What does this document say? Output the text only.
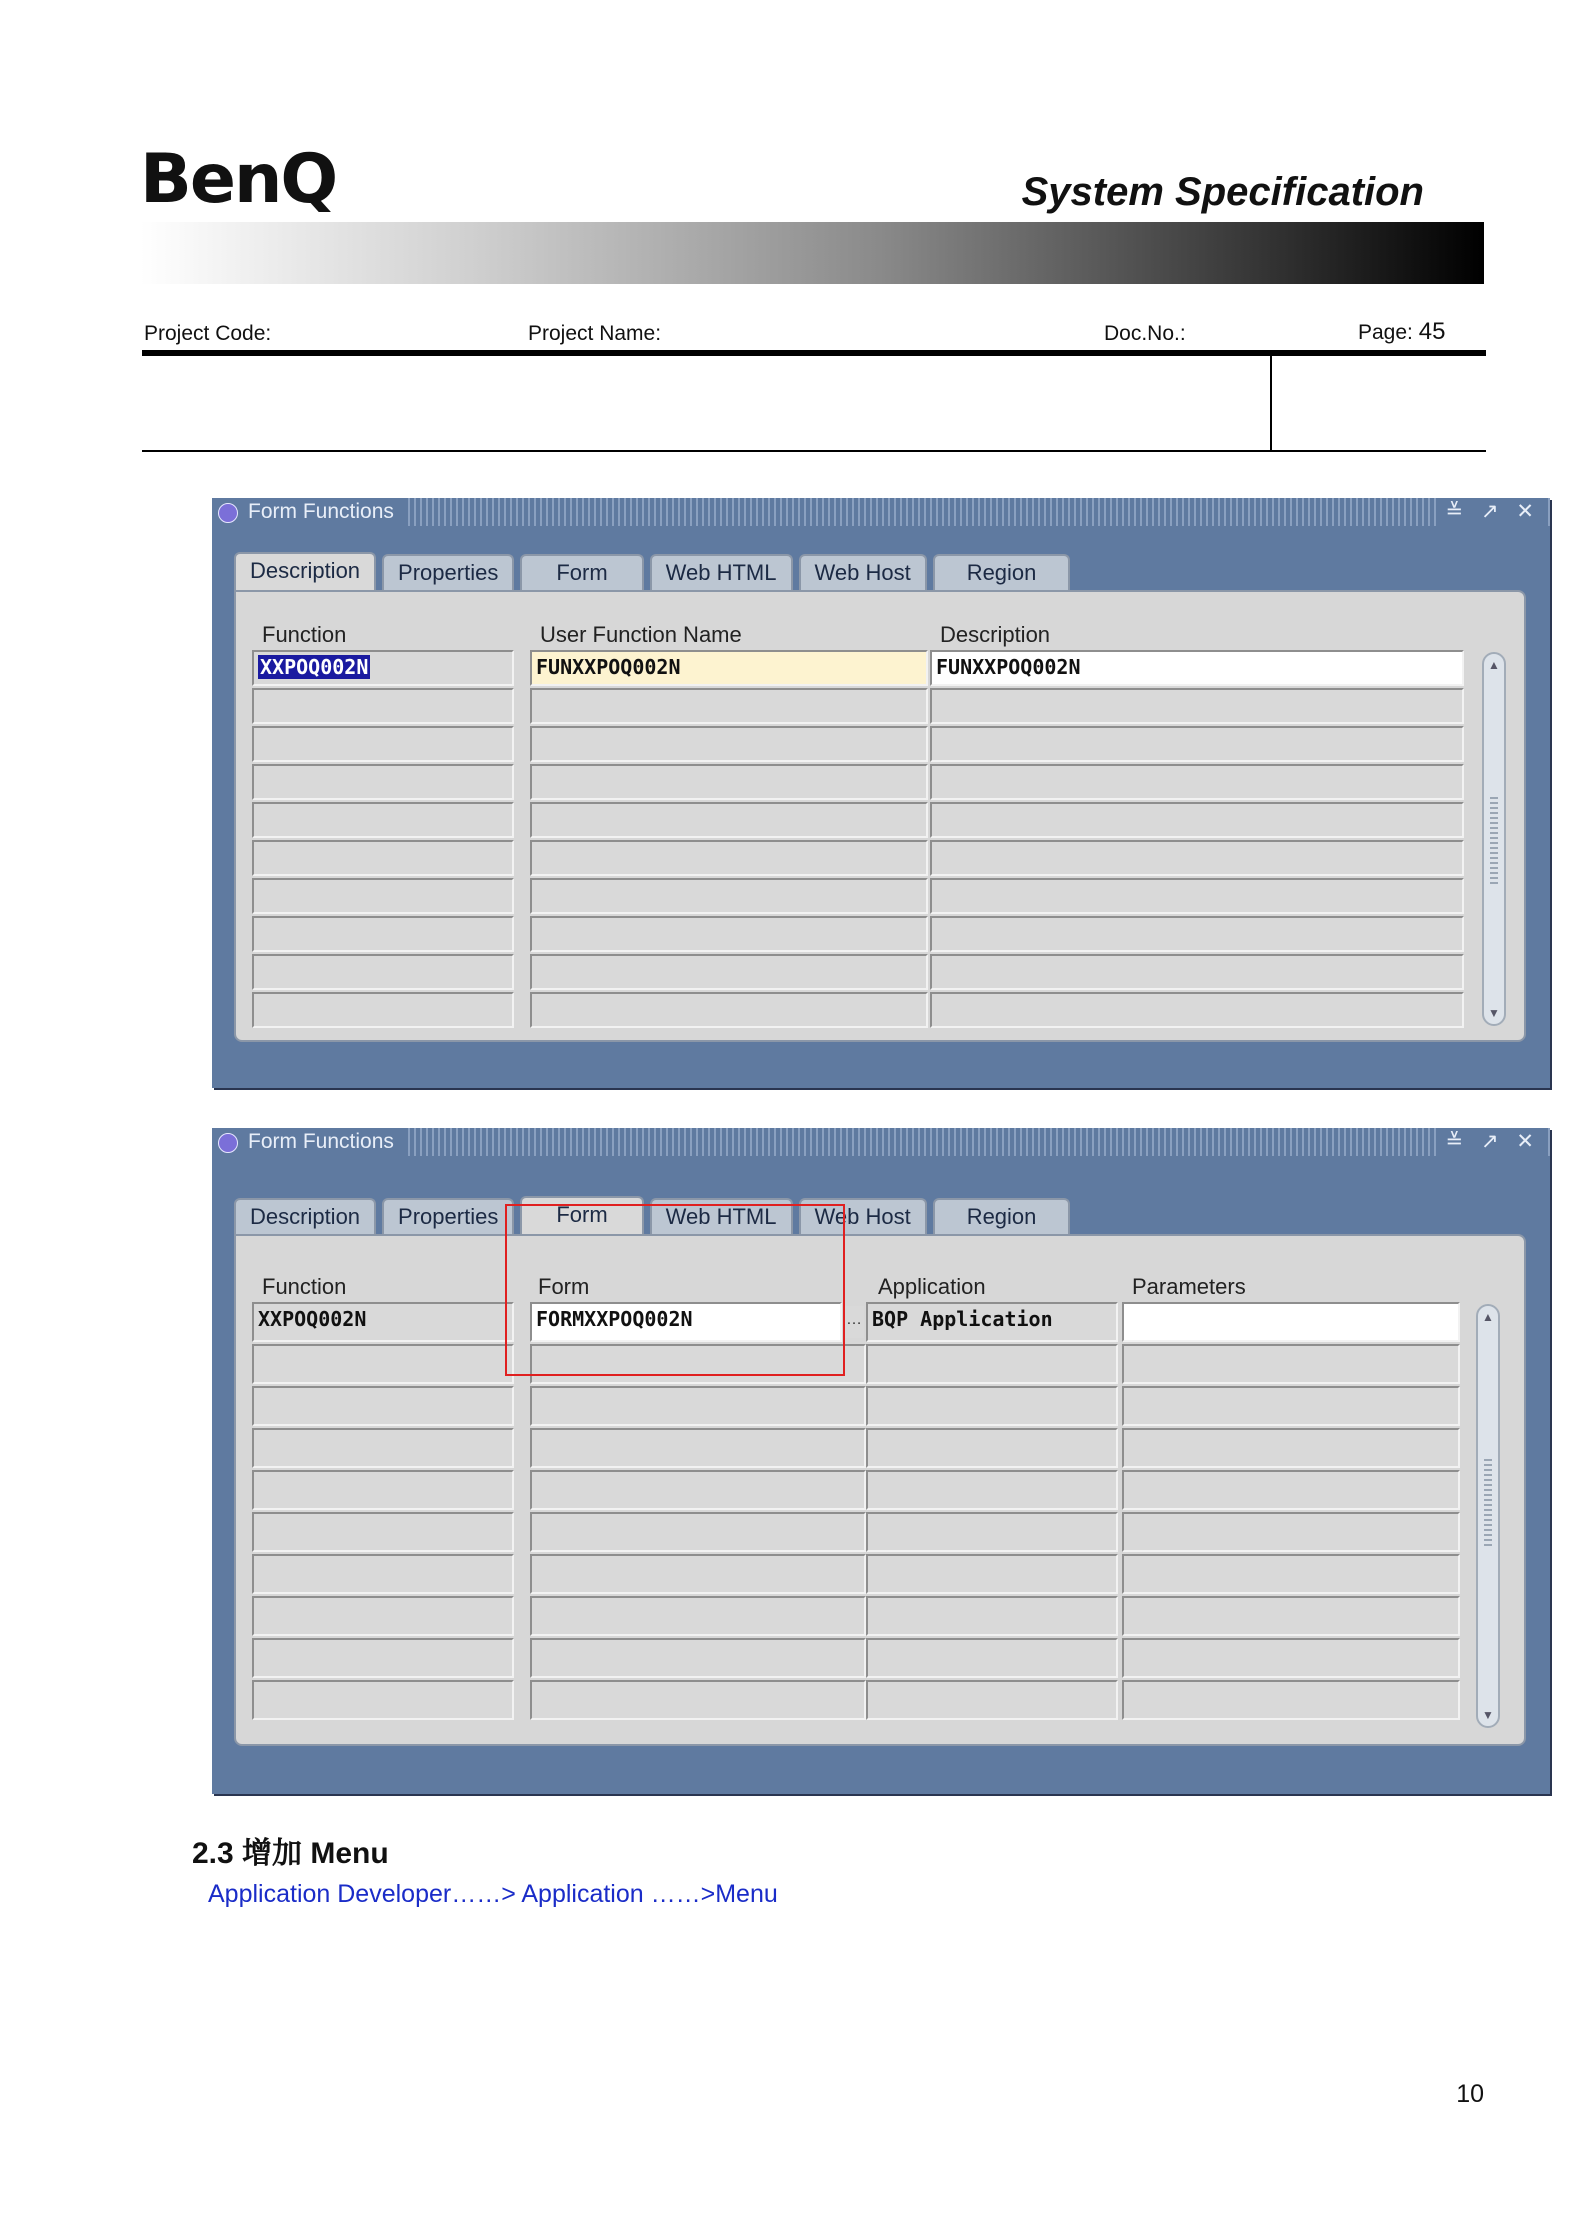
BenQ	System Specification
Project Code:	Project Name:	Doc.No.:	Page: 45
Form Functions	≚ ↗ ✕
Description	Properties	Form	Web HTML	Web Host	Region
Function	User Function Name	Description
XXPOQ002N	FUNXXPOQ002N	FUNXXPOQ002N	▲
▼
Form Functions	≚ ↗ ✕
Description	Properties	Form	Web HTML	Web Host	Region
Function	Form	Application	Parameters
XXPOQ002N	FORMXXPOQ002N	… BQP Application	▲
▼
2.3 增加 Menu
Application Developer……> Application ……>Menu
10
